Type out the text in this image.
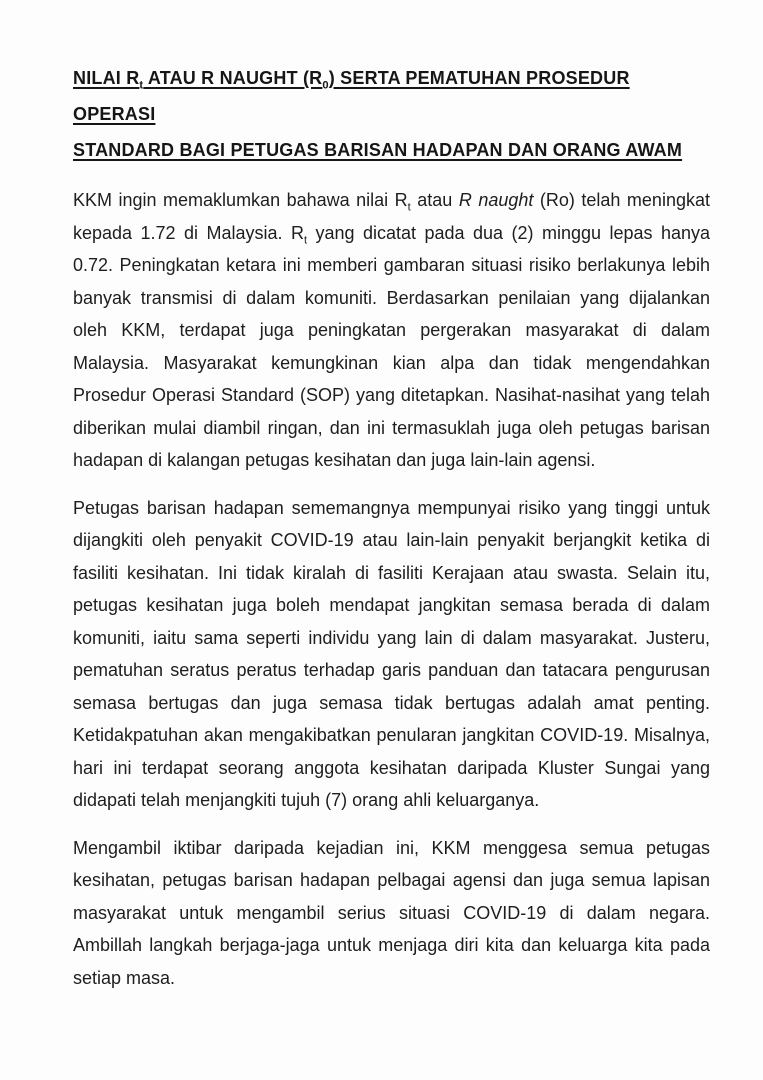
NILAI $R_t$ ATAU R NAUGHT $(R_0)$ SERTA PEMATUHAN PROSEDUR OPERASI
STANDARD BAGI PETUGAS BARISAN HADAPAN DAN ORANG AWAM

KKM ingin memaklumkan bahawa nilai $R_t$ atau R naught (Ro) telah meningkat kepada 1.72 di Malaysia. $R_t$ yang dicatat pada dua (2) minggu lepas hanya 0.72. Peningkatan ketara ini memberi gambaran situasi risiko berlakunya lebih banyak transmisi di dalam komuniti. Berdasarkan penilaian yang dijalankan oleh KKM, terdapat juga peningkatan pergerakan masyarakat di dalam Malaysia. Masyarakat kemungkinan kian alpa dan tidak mengendahkan Prosedur Operasi Standard (SOP) yang ditetapkan. Nasihat-nasihat yang telah diberikan mulai diambil ringan, dan ini termasuklah juga oleh petugas barisan hadapan di kalangan petugas kesihatan dan juga lain-lain agensi.

Petugas barisan hadapan sememangnya mempunyai risiko yang tinggi untuk dijangkiti oleh penyakit COVID-19 atau lain-lain penyakit berjangkit ketika di fasiliti kesihatan. Ini tidak kiralah di fasiliti Kerajaan atau swasta. Selain itu, petugas kesihatan juga boleh mendapat jangkitan semasa berada di dalam komuniti, iaitu sama seperti individu yang lain di dalam masyarakat. Justeru, pematuhan seratus peratus terhadap garis panduan dan tatacara pengurusan semasa bertugas dan juga semasa tidak bertugas adalah amat penting. Ketidakpatuhan akan mengakibatkan penularan jangkitan COVID-19. Misalnya, hari ini terdapat seorang anggota kesihatan daripada Kluster Sungai yang didapati telah menjangkiti tujuh (7) orang ahli keluarganya.

Mengambil iktibar daripada kejadian ini, KKM menggesa semua petugas kesihatan, petugas barisan hadapan pelbagai agensi dan juga semua lapisan masyarakat untuk mengambil serius situasi COVID-19 di dalam negara. Ambillah langkah berjaga-jaga untuk menjaga diri kita dan keluarga kita pada setiap masa.
